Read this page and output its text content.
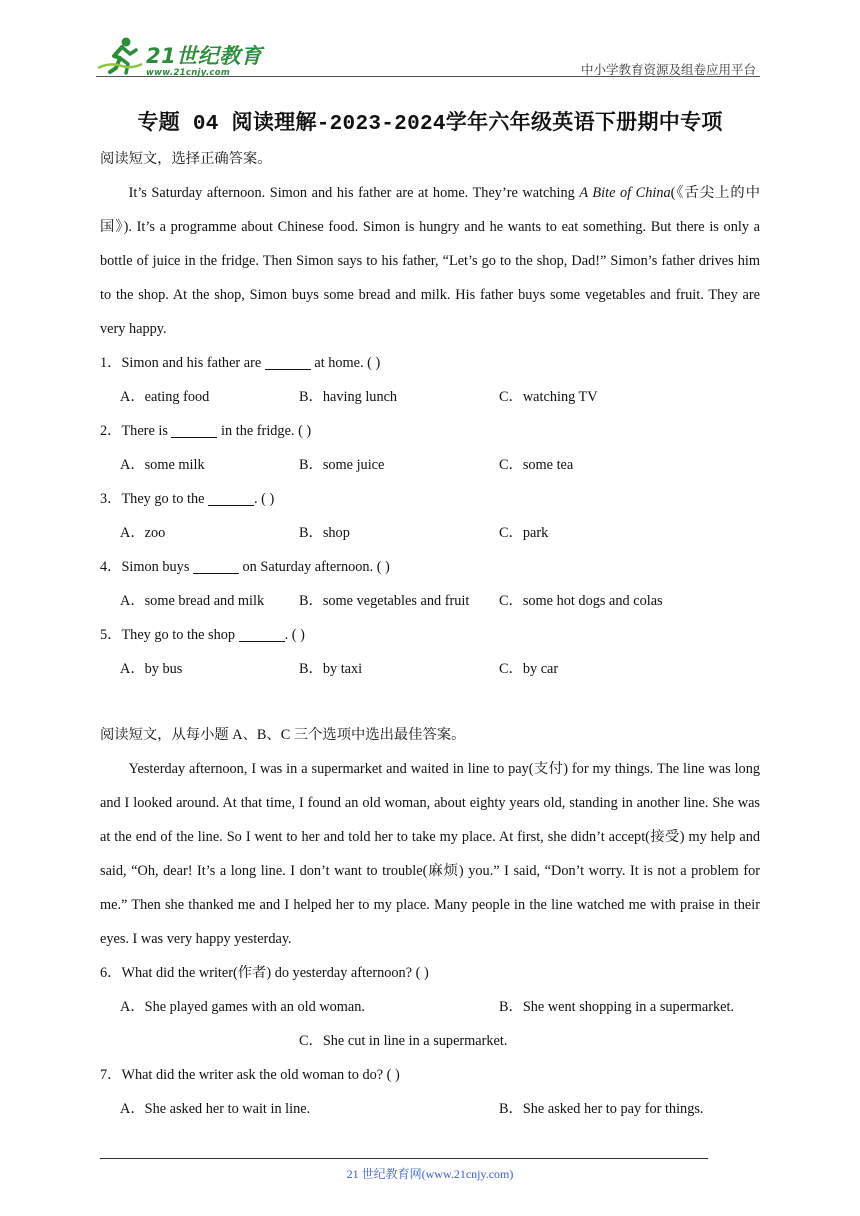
21世纪教育
www.21cnjy.com	中小学教育资源及组卷应用平台
专题 04 阅读理解-2023-2024学年六年级英语下册期中专项
阅读短文，选择正确答案。

It’s Saturday afternoon. Simon and his father are at home. They’re watching A Bite of China(《舌尖上的中国》). It’s a programme about Chinese food. Simon is hungry and he wants to eat something. But there is only a bottle of juice in the fridge. Then Simon says to his father, “Let’s go to the shop, Dad!” Simon’s father drives him to the shop. At the shop, Simon buys some bread and milk. His father buys some vegetables and fruit. They are very happy.

1．Simon and his father are	at home. ( )
A．eating food	B．having lunch	C．watching TV
2．There is	in the fridge. ( )
A．some milk	B．some juice	C．some tea
3．They go to the	. ( )
A．zoo	B．shop	C．park
4．Simon buys	on Saturday afternoon. ( )
A．some bread and milk B．some vegetables and fruit C．some hot dogs and colas
5．They go to the shop	. ( )
A．by bus	B．by taxi	C．by car
阅读短文，从每小题 A、B、C 三个选项中选出最佳答案。

Yesterday afternoon, I was in a supermarket and waited in line to pay(支付) for my things. The line was long and I looked around. At that time, I found an old woman, about eighty years old, standing in another line. She was at the end of the line. So I went to her and told her to take my place. At first, she didn’t accept(接受) my help and said, “Oh, dear! It’s a long line. I don’t want to trouble(麻烦) you.” I said, “Don’t worry. It is not a problem for me.” Then she thanked me and I helped her to my place. Many people in the line watched me with praise in their eyes. I was very happy yesterday.

6．What did the writer(作者) do yesterday afternoon? ( )
A．She played games with an old woman.	B．She went shopping in a supermarket.
C．She cut in line in a supermarket.
7．What did the writer ask the old woman to do? ( )
A．She asked her to wait in line.	B．She asked her to pay for things.
21 世纪教育网(www.21cnjy.com)
